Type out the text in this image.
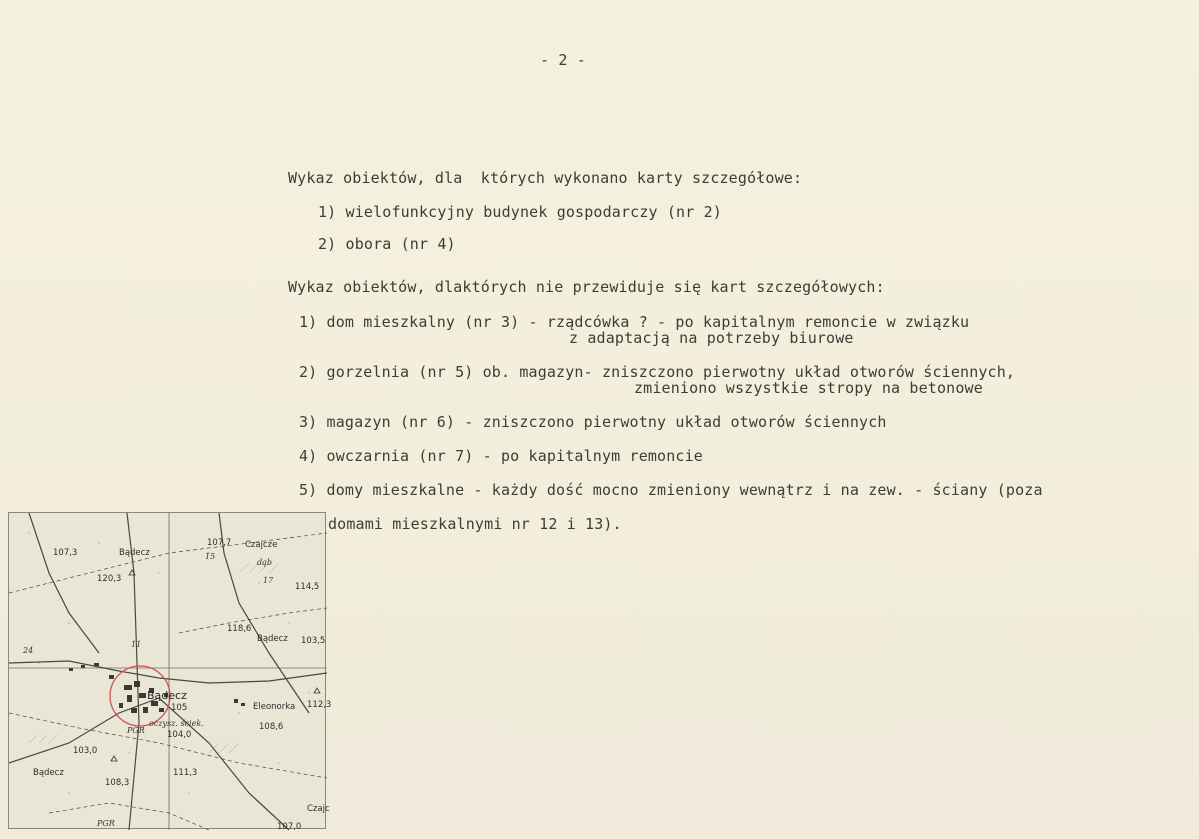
- 2 -
Wykaz obiektów, dla  których wykonano karty szczegółowe:
1) wielofunkcyjny budynek gospodarczy (nr 2)
2) obora (nr 4)
Wykaz obiektów, dlaktórych nie przewiduje się kart szczegółowych:
1) dom mieszkalny (nr 3) - rządcówka ? - po kapitalnym remoncie w związku
z adaptacją na potrzeby biurowe
2) gorzelnia (nr 5) ob. magazyn- zniszczono pierwotny układ otworów ściennych,
zmieniono wszystkie stropy na betonowe
3) magazyn (nr 6) - zniszczono pierwotny układ otworów ściennych
4) owczarnia (nr 7) - po kapitalnym remoncie
5) domy mieszkalne - każdy dość mocno zmieniony wewnątrz i na zew. - ściany (poza
domami mieszkalnymi nr 12 i 13).
Bądecz
Bądecz
Bądecz
Bądecz
Czajcze
Czajc
Eleonorka
dąb
PGR
PGR
oczysz. ściek.
107,3
120,3
107,7
114,5
118,6
103,5
112,3
104,0
108,6
103,0
111,3
108,3
107,0
105
15
17
11
24
